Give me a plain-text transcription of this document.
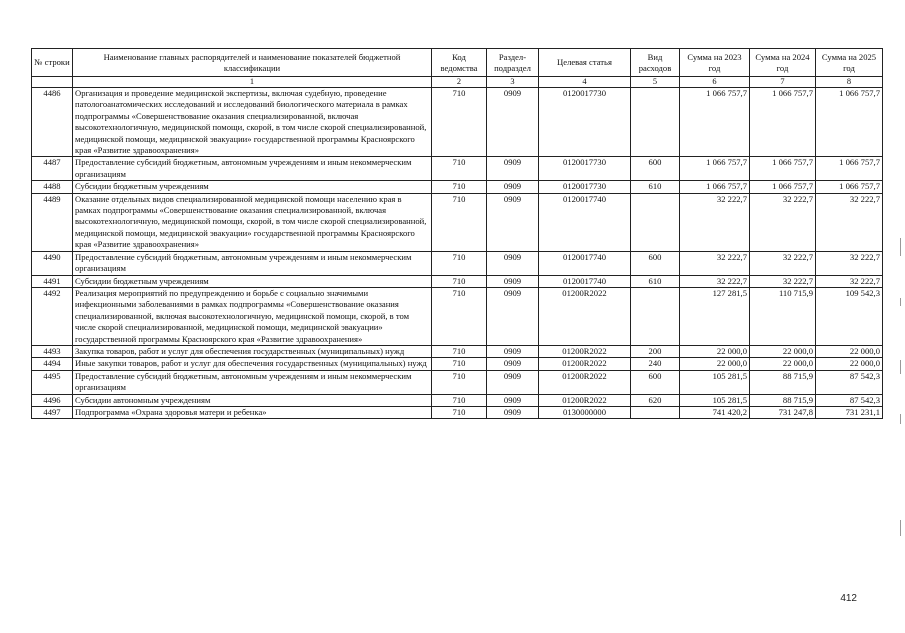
№ строки	Наименование главных распорядителей и наименование показателей бюджетной классификации	Код ведомства	Раздел-подраздел	Целевая статья	Вид расходов	Сумма на 2023 год	Сумма на 2024 год	Сумма на 2025 год
	1	2	3	4	5	6	7	8
4486	Организация и проведение медицинской экспертизы, включая судебную, проведение патологоанатомических исследований и исследований биологического материала в рамках подпрограммы «Совершенствование оказания специализированной, включая высокотехнологичную, медицинской помощи, скорой, в том числе скорой специализированной, медицинской помощи, медицинской эвакуации» государственной программы Красноярского края «Развитие здравоохранения»	710	0909	0120017730		1 066 757,7	1 066 757,7	1 066 757,7
4487	Предоставление субсидий бюджетным, автономным учреждениям и иным некоммерческим организациям	710	0909	0120017730	600	1 066 757,7	1 066 757,7	1 066 757,7
4488	Субсидии бюджетным учреждениям	710	0909	0120017730	610	1 066 757,7	1 066 757,7	1 066 757,7
4489	Оказание отдельных видов специализированной медицинской помощи населению края в рамках подпрограммы «Совершенствование оказания специализированной, включая высокотехнологичную, медицинской помощи, скорой, в том числе скорой специализированной, медицинской помощи, медицинской эвакуации» государственной программы Красноярского края «Развитие здравоохранения»	710	0909	0120017740		32 222,7	32 222,7	32 222,7
4490	Предоставление субсидий бюджетным, автономным учреждениям и иным некоммерческим организациям	710	0909	0120017740	600	32 222,7	32 222,7	32 222,7
4491	Субсидии бюджетным учреждениям	710	0909	0120017740	610	32 222,7	32 222,7	32 222,7
4492	Реализация мероприятий по предупреждению и борьбе с социально значимыми инфекционными заболеваниями в рамках подпрограммы «Совершенствование оказания специализированной, включая высокотехнологичную, медицинской помощи, скорой, в том числе скорой специализированной, медицинской помощи, медицинской эвакуации» государственной программы Красноярского края «Развитие здравоохранения»	710	0909	01200R2022		127 281,5	110 715,9	109 542,3
4493	Закупка товаров, работ и услуг для обеспечения государственных (муниципальных) нужд	710	0909	01200R2022	200	22 000,0	22 000,0	22 000,0
4494	Иные закупки товаров, работ и услуг для обеспечения государственных (муниципальных) нужд	710	0909	01200R2022	240	22 000,0	22 000,0	22 000,0
4495	Предоставление субсидий бюджетным, автономным учреждениям и иным некоммерческим организациям	710	0909	01200R2022	600	105 281,5	88 715,9	87 542,3
4496	Субсидии автономным учреждениям	710	0909	01200R2022	620	105 281,5	88 715,9	87 542,3
4497	Подпрограмма «Охрана здоровья матери и ребенка»	710	0909	0130000000		741 420,2	731 247,8	731 231,1
412
